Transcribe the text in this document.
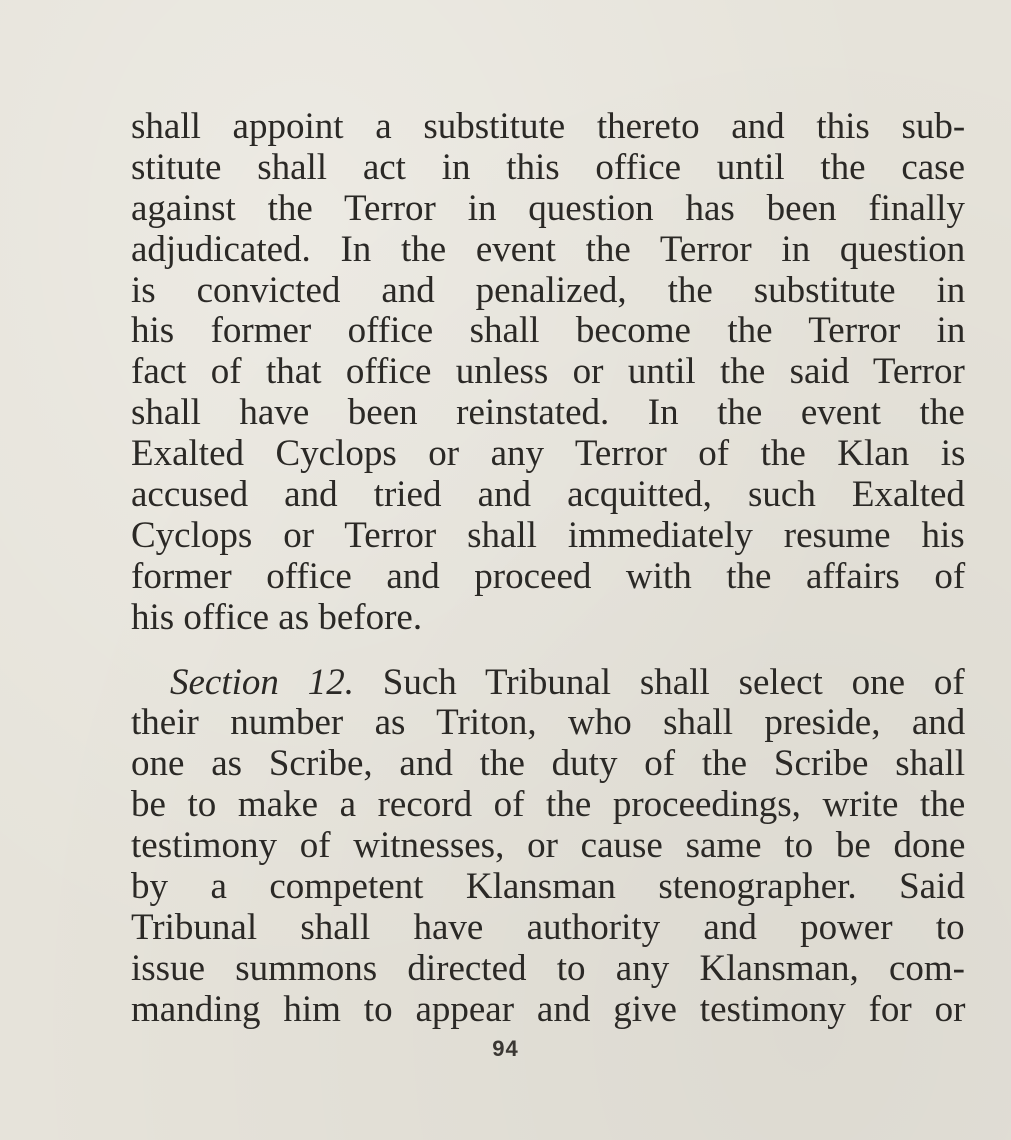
shall appoint a substitute thereto and this sub-
stitute shall act in this office until the case
against the Terror in question has been finally
adjudicated. In the event the Terror in question
is convicted and penalized, the substitute in
his former office shall become the Terror in
fact of that office unless or until the said Terror
shall have been reinstated. In the event the
Exalted Cyclops or any Terror of the Klan is
accused and tried and acquitted, such Exalted
Cyclops or Terror shall immediately resume his
former office and proceed with the affairs of
his office as before.
Section 12. Such Tribunal shall select one of
their number as Triton, who shall preside, and
one as Scribe, and the duty of the Scribe shall
be to make a record of the proceedings, write the
testimony of witnesses, or cause same to be done
by a competent Klansman stenographer. Said
Tribunal shall have authority and power to
issue summons directed to any Klansman, com-
manding him to appear and give testimony for or
94
